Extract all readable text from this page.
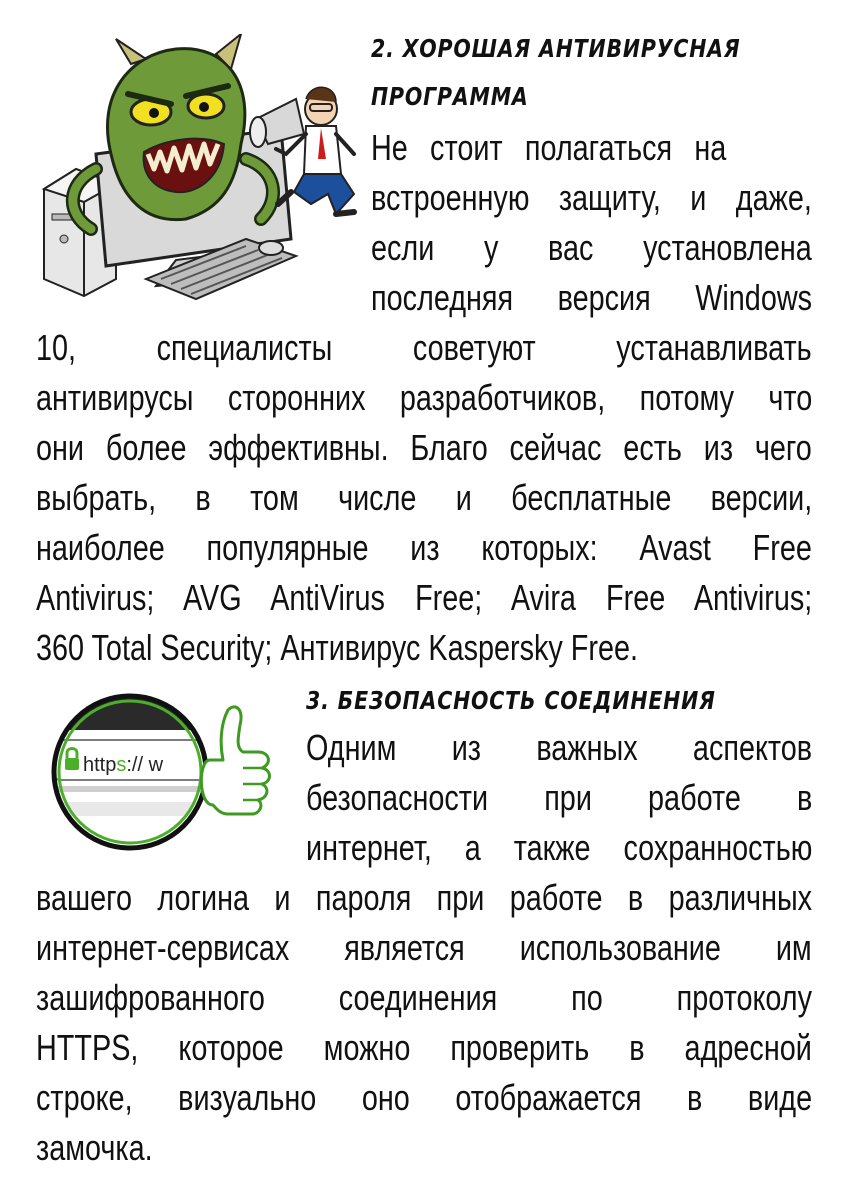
2. ХОРОШАЯ АНТИВИРУСНАЯ
ПРОГРАММА
Не стоит полагаться на
встроенную защиту, и даже,
если у вас установлена
последняя версия Windows
10, специалисты советуют устанавливать
антивирусы сторонних разработчиков, потому что
они более эффективны. Благо сейчас есть из чего
выбрать, в том числе и бесплатные версии,
наиболее популярные из которых: Avast Free
Antivirus; AVG AntiVirus Free; Avira Free Antivirus;
360 Total Security; Антивирус Kaspersky Free.
https:// w
3. БЕЗОПАСНОСТЬ СОЕДИНЕНИЯ
Одним из важных аспектов
безопасности при работе в
интернет, а также сохранностью
вашего логина и пароля при работе в различных
интернет-сервисах является использование им
зашифрованного соединения по протоколу
HTTPS, которое можно проверить в адресной
строке, визуально оно отображается в виде
замочка.
